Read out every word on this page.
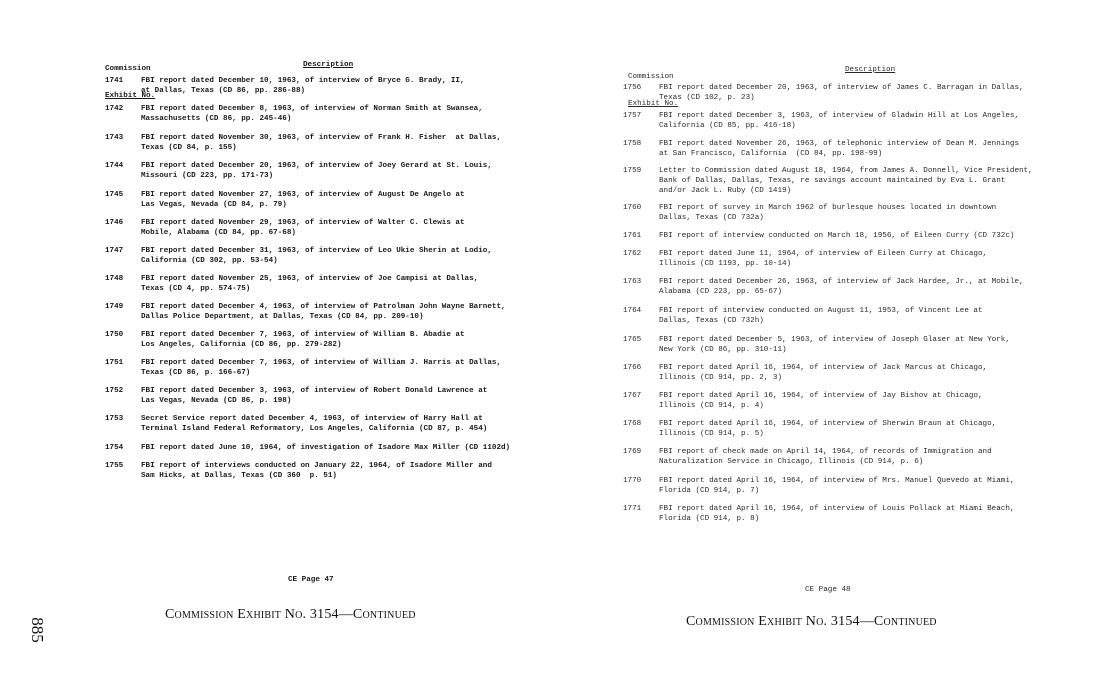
Commission

Exhibit No.

Description
1741	FBI report dated December 10, 1963, of interview of Bryce G. Brady, II,
at Dallas, Texas (CD 86, pp. 286-88)
1742	FBI report dated December 8, 1963, of interview of Norman Smith at Swansea,
Massachusetts (CD 86, pp. 245-46)
1743	FBI report dated November 30, 1963, of interview of Frank H. Fisher  at Dallas,
Texas (CD 84, p. 155)
1744	FBI report dated December 20, 1963, of interview of Joey Gerard at St. Louis,
Missouri (CD 223, pp. 171-73)
1745	FBI report dated November 27, 1963, of interview of August De Angelo at
Las Vegas, Nevada (CD 84, p. 79)
1746	FBI report dated November 29, 1963, of interview of Walter C. Clewis at
Mobile, Alabama (CD 84, pp. 67-68)
1747	FBI report dated December 31, 1963, of interview of Leo Ukie Sherin at Lodio,
California (CD 302, pp. 53-54)
1748	FBI report dated November 25, 1963, of interview of Joe Campisi at Dallas,
Texas (CD 4, pp. 574-75)
1749	FBI report dated December 4, 1963, of interview of Patrolman John Wayne Barnett,
Dallas Police Department, at Dallas, Texas (CD 84, pp. 209-10)
1750	FBI report dated December 7, 1963, of interview of William B. Abadie at
Los Angeles, California (CD 86, pp. 279-282)
1751	FBI report dated December 7, 1963, of interview of William J. Harris at Dallas,
Texas (CD 86, p. 166-67)
1752	FBI report dated December 3, 1963, of interview of Robert Donald Lawrence at
Las Vegas, Nevada (CD 86, p. 198)
1753	Secret Service report dated December 4, 1963, of interview of Harry Hall at
Terminal Island Federal Reformatory, Los Angeles, California (CD 87, p. 454)
1754	FBI report dated June 10, 1964, of investigation of Isadore Max Miller (CD 1102d)
1755	FBI report of interviews conducted on January 22, 1964, of Isadore Miller and
Sam Hicks, at Dallas, Texas (CD 360  p. 51)
CE Page 47
Commission Exhibit No. 3154—Continued
885

Commission

Exhibit No.

Description
1756	FBI report dated December 20, 1963, of interview of James C. Barragan in Dallas,
Texas (CD 102, p. 23)
1757	FBI report dated December 3, 1963, of interview of Gladwin Hill at Los Angeles,
California (CD 85, pp. 416-18)
1758	FBI report dated November 26, 1963, of telephonic interview of Dean M. Jennings
at San Francisco, California  (CD 84, pp. 198-99)
1759	Letter to Commission dated August 18, 1964, from James A. Donnell, Vice President,
Bank of Dallas, Dallas, Texas, re savings account maintained by Eva L. Grant
and/or Jack L. Ruby (CD 1419)
1760	FBI report of survey in March 1962 of burlesque houses located in downtown
Dallas, Texas (CD 732a)
1761	FBI report of interview conducted on March 18, 1956, of Eileen Curry (CD 732c)
1762	FBI report dated June 11, 1964, of interview of Eileen Curry at Chicago,
Illinois (CD 1193, pp. 10-14)
1763	FBI report dated December 26, 1963, of interview of Jack Hardee, Jr., at Mobile,
Alabama (CD 223, pp. 65-67)
1764	FBI report of interview conducted on August 11, 1953, of Vincent Lee at
Dallas, Texas (CD 732h)
1765	FBI report dated December 5, 1963, of interview of Joseph Glaser at New York,
New York (CD 86, pp. 310-11)
1766	FBI report dated April 16, 1964, of interview of Jack Marcus at Chicago,
Illinois (CD 914, pp. 2, 3)
1767	FBI report dated April 16, 1964, of interview of Jay Bishov at Chicago,
Illinois (CD 914, p. 4)
1768	FBI report dated April 16, 1964, of interview of Sherwin Braun at Chicago,
Illinois (CD 914, p. 5)
1769	FBI report of check made on April 14, 1964, of records of Immigration and
Naturalization Service in Chicago, Illinois (CD 914, p. 6)
1770	FBI report dated April 16, 1964, of interview of Mrs. Manuel Quevedo at Miami,
Florida (CD 914, p. 7)
1771	FBI report dated April 16, 1964, of interview of Louis Pollack at Miami Beach,
Florida (CD 914, p. 8)
CE Page 48
Commission Exhibit No. 3154—Continued
